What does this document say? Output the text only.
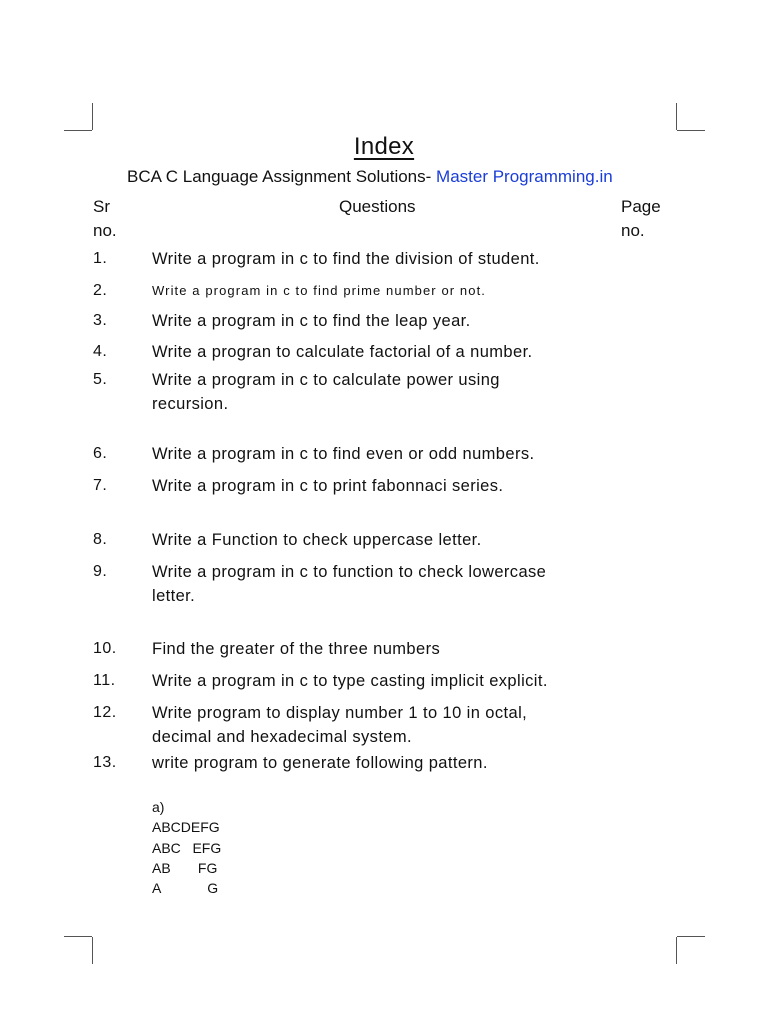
Index
BCA C Language Assignment Solutions- Master Programming.in
Sr
no.
Questions	Page
no.
1.	Write a program in c to find the division of student.
2.	Write a program in c to find prime number or not.
3.	Write a program in c to find the leap year.
4.	Write a progran to calculate factorial of a number.
5.	Write a program in c to calculate power using recursion.
6.	Write a program in c to find even or odd numbers.
7.	Write a program in c to print fabonnaci series.
8.	Write a Function to check uppercase letter.
9.	Write a program in c to function to check lowercase letter.
10. Find the greater of the three numbers
11. Write a program in c to type casting implicit explicit.
12. Write program to display number 1 to 10 in octal, decimal and hexadecimal system.
13. write program to generate following pattern.
a)
ABCDEFG
ABC   EFG
AB       FG
A            G
